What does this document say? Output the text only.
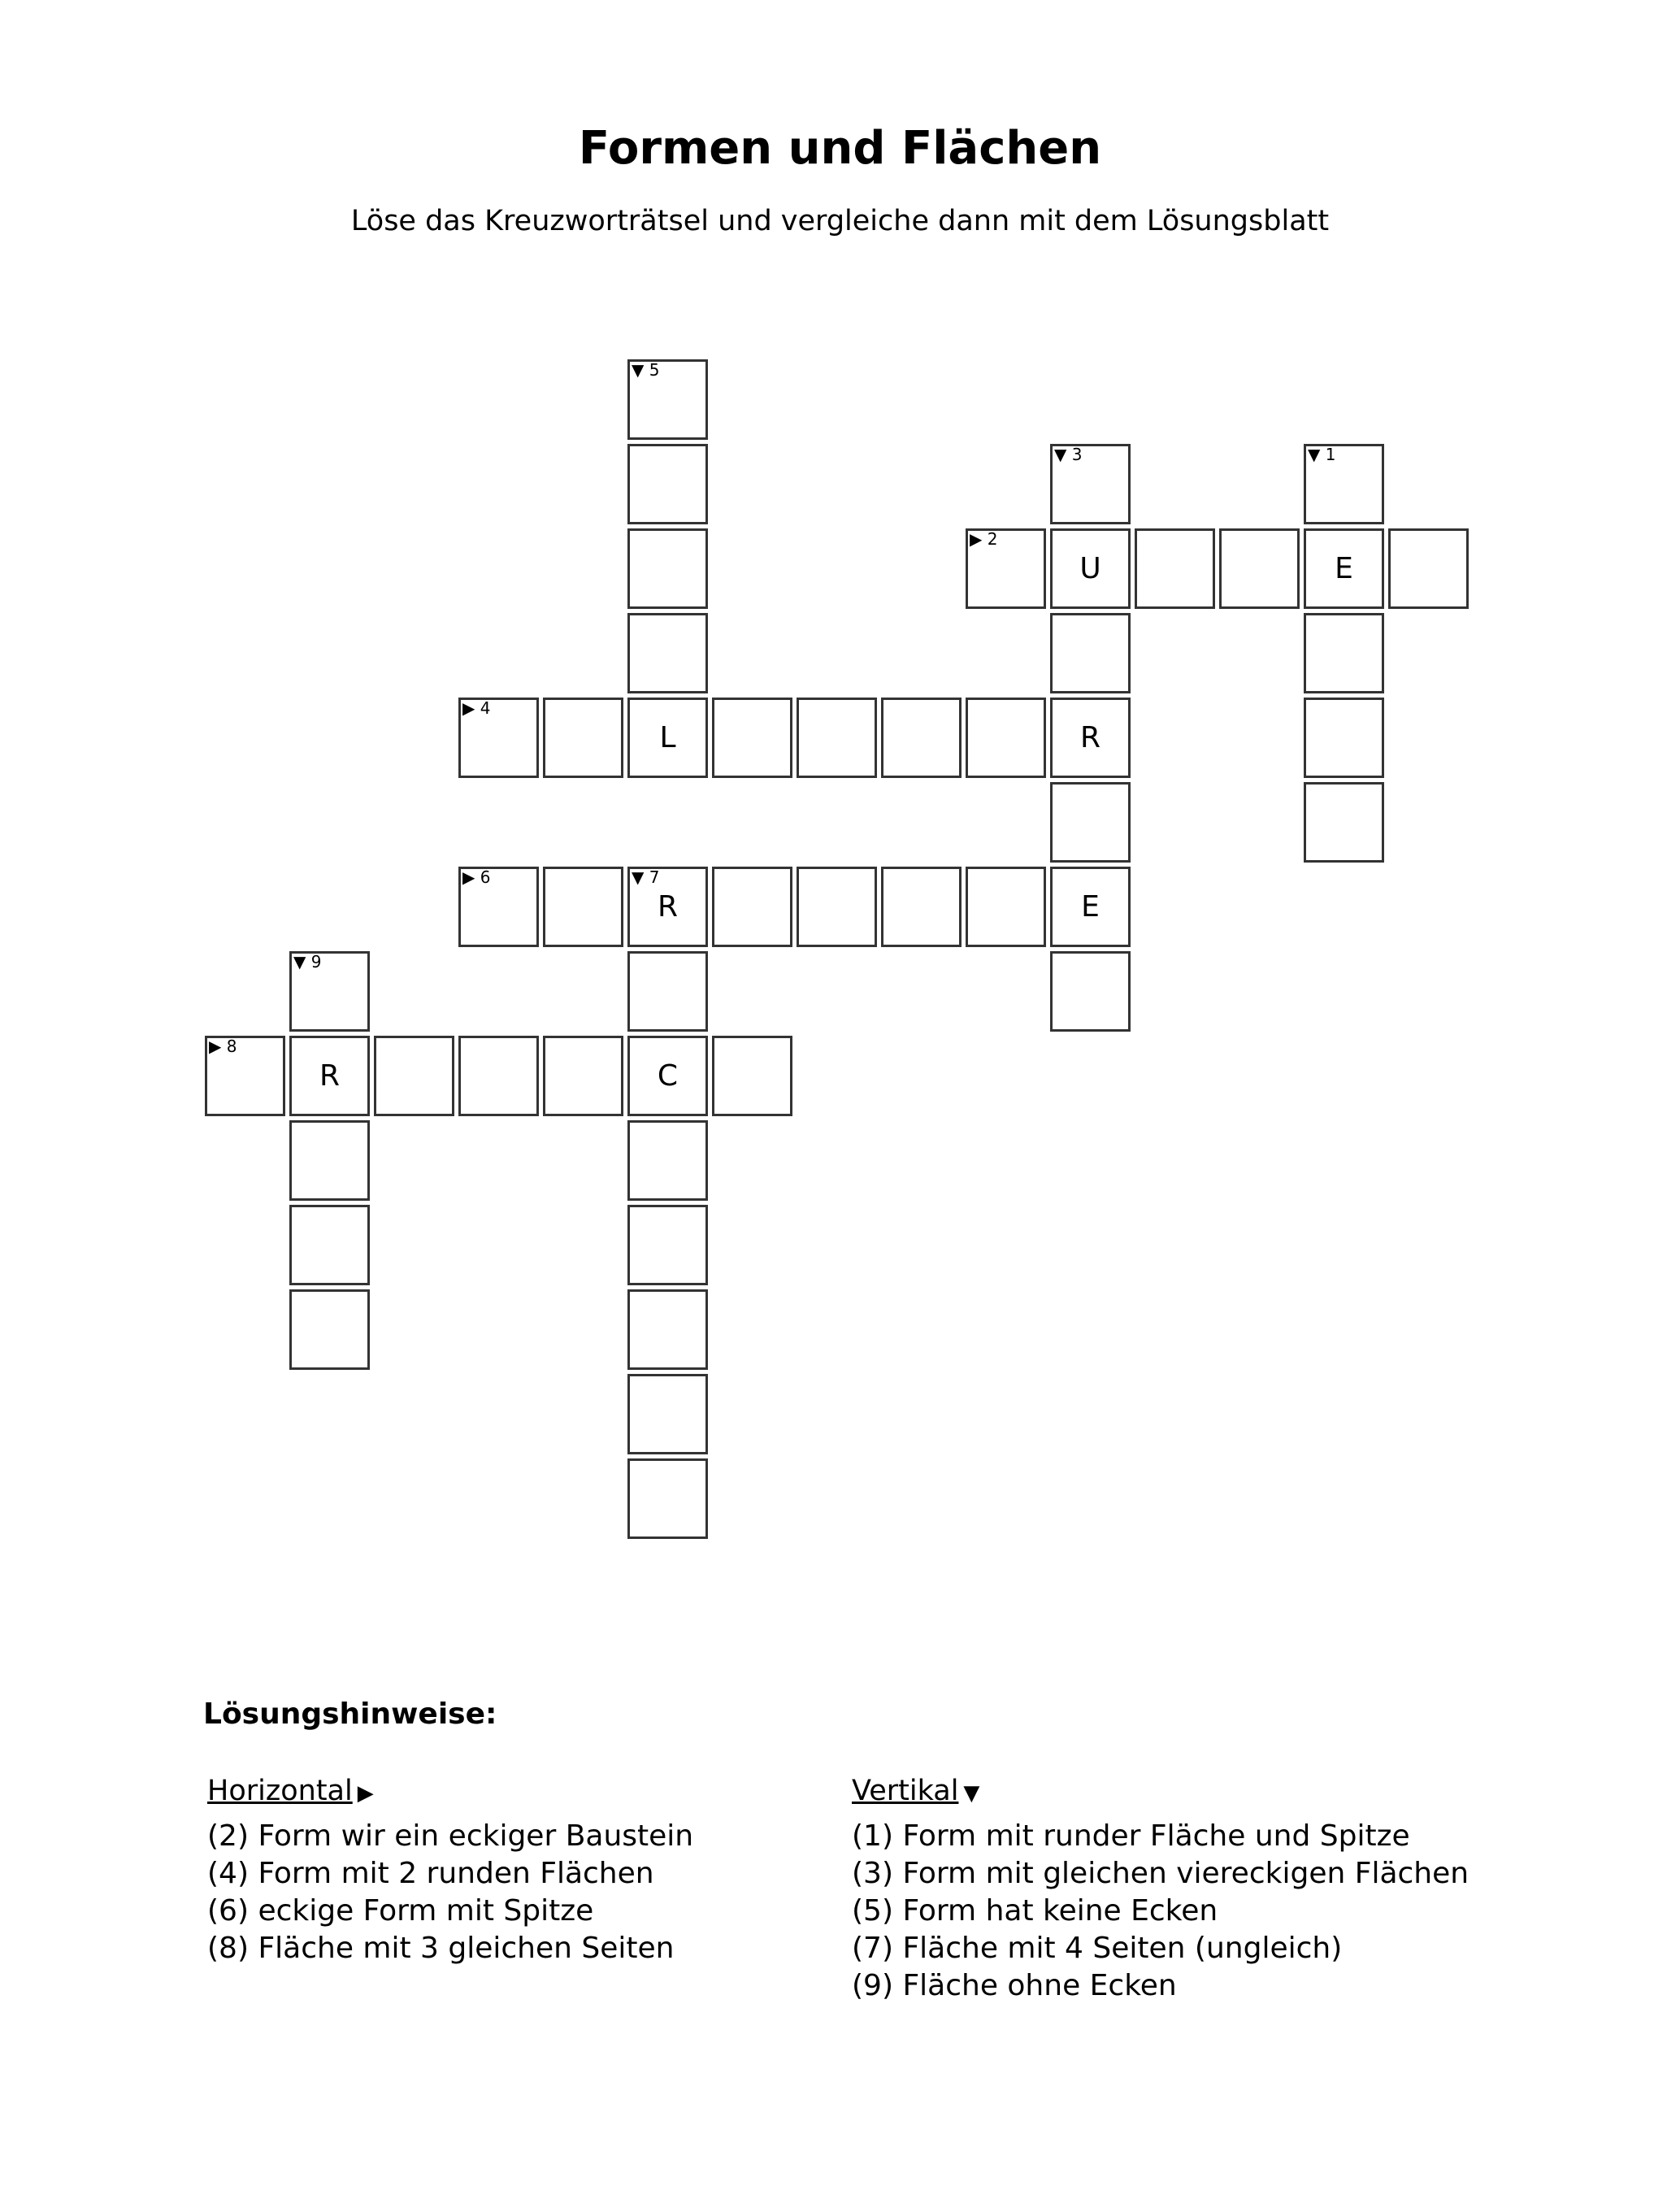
Formen und Flächen

Löse das Kreuzworträtsel und vergleiche dann mit dem Lösungsblatt

▼ 5
▼ 3	▼ 1
▶ 2
U	E
▶ 4
L	R
▶ 6	▼ 7
R	E
▼ 9
▶ 8
R	C
Lösungshinweise:
Horizontal ▶
(2) Form wir ein eckiger Baustein
(4) Form mit 2 runden Flächen
(6) eckige Form mit Spitze
(8) Fläche mit 3 gleichen Seiten
Vertikal ▼
(1) Form mit runder Fläche und Spitze
(3) Form mit gleichen viereckigen Flächen
(5) Form hat keine Ecken
(7) Fläche mit 4 Seiten (ungleich)
(9) Fläche ohne Ecken
